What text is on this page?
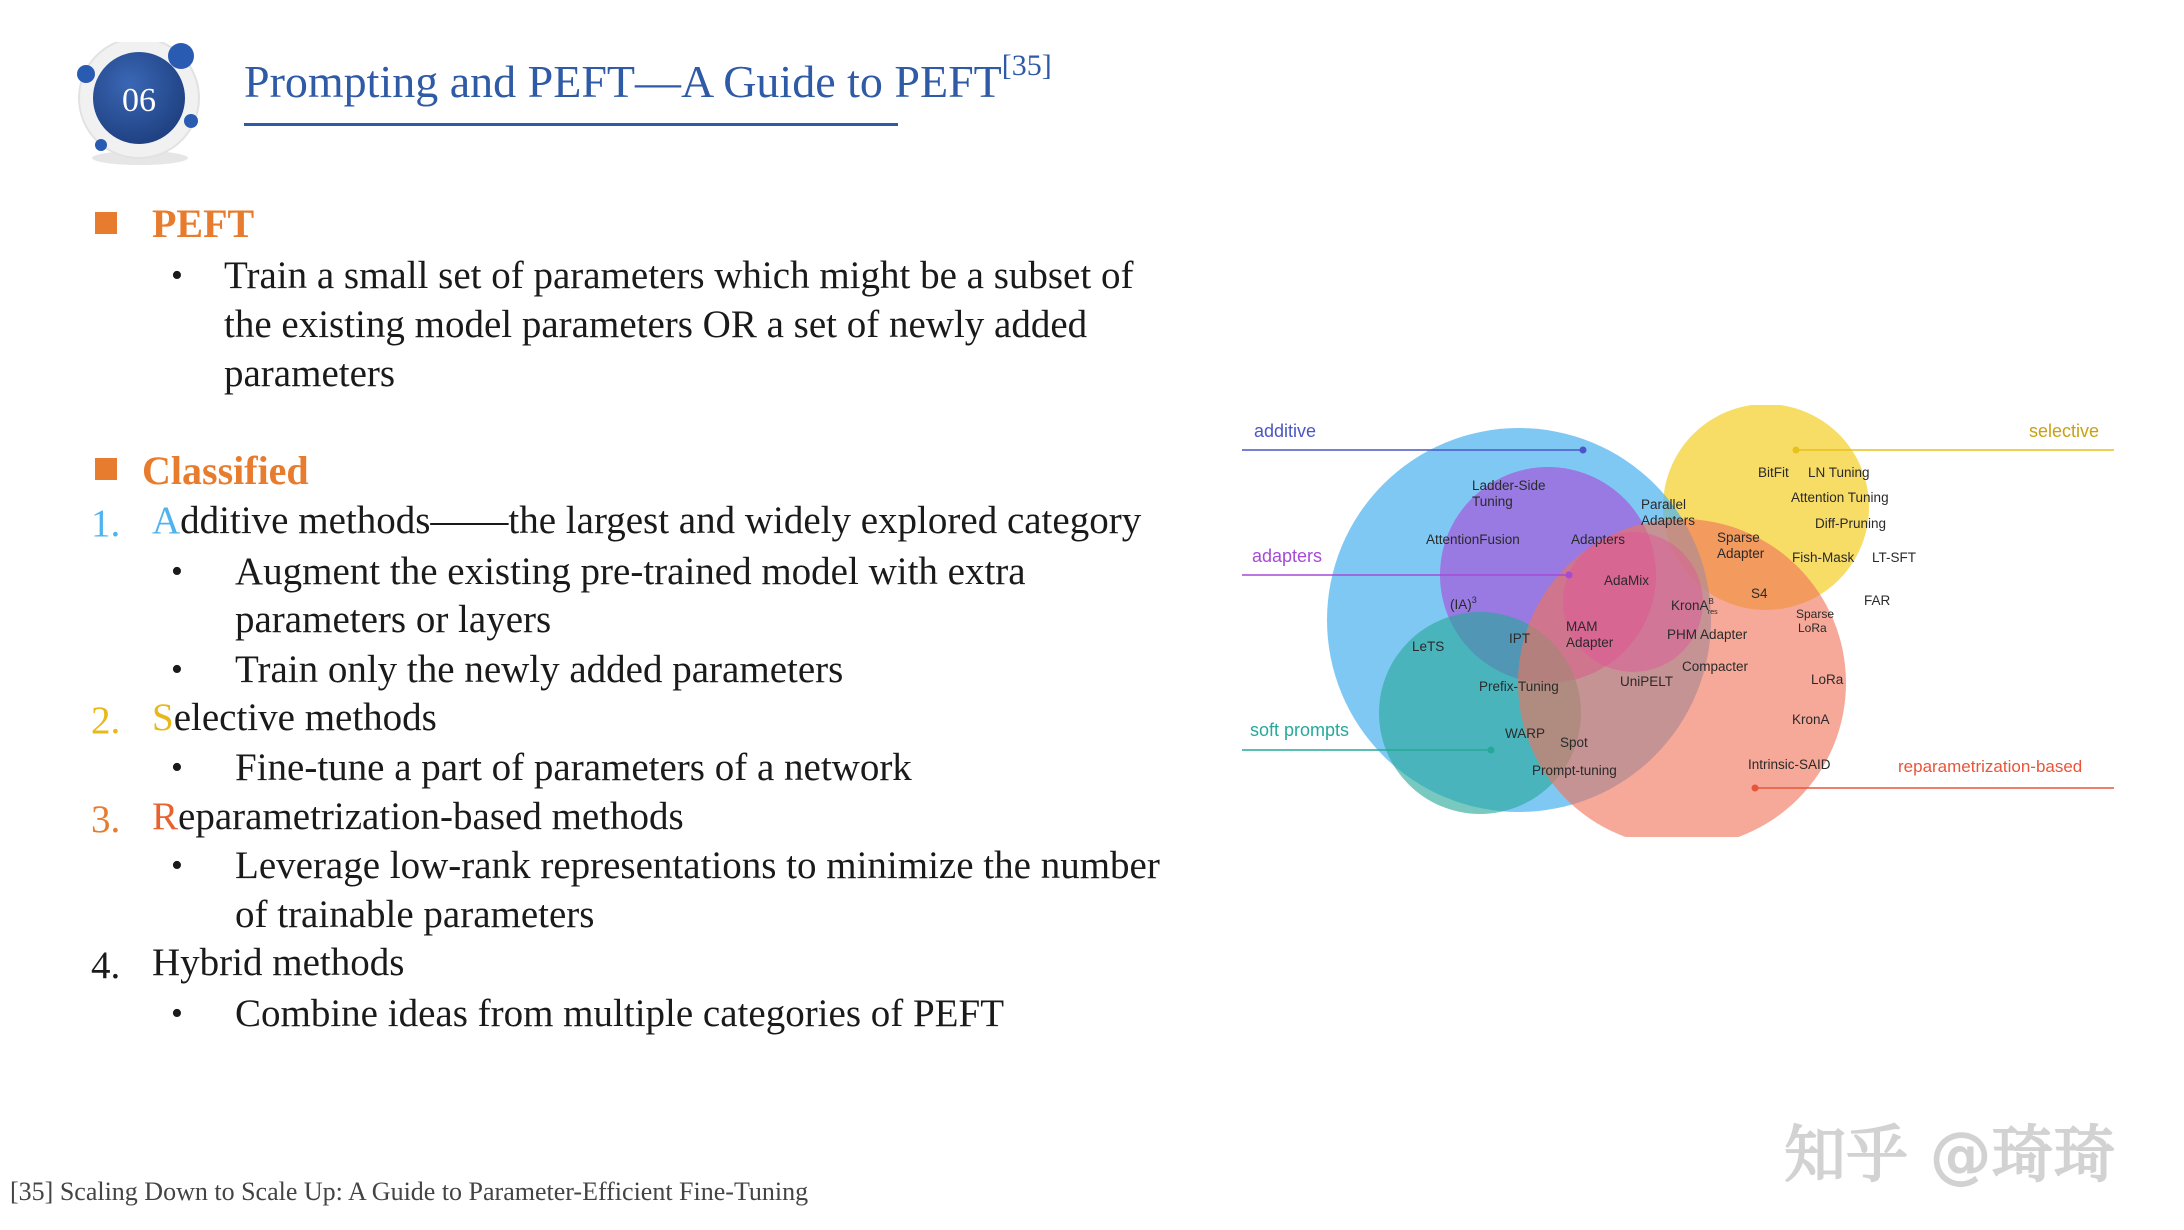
06 Prompting and PEFT—A Guide to PEFT[35]
PEFT
• Train a small set of parameters which might be a subset of
the existing model parameters OR a set of newly added
parameters
Classified
1. Additive methods——the largest and widely explored category
• Augment the existing pre-trained model with extra
parameters or layers
• Train only the newly added parameters
2. Selective methods
• Fine-tune a part of parameters of a network
3. Reparametrization-based methods
• Leverage low-rank representations to minimize the number
of trainable parameters
4. Hybrid methods
• Combine ideas from multiple categories of PEFT
additive	selective
adapters
soft prompts
reparametrization-based
Ladder-Side
Tuning
AttentionFusion	Adapters
Parallel
Adapters
Sparse
Adapter
AdaMix
(IA)$^3$	KronA$^B$ res
S4
MAM
Adapter
IPT
LeTS
PHM Adapter
Compacter
UniPELT
Prefix-Tuning
WARP
Spot
Prompt-tuning
BitFit LN Tuning
Attention Tuning
Diff-Pruning
Fish-Mask LT-SFT
FAR
Sparse
LoRa
LoRa
KronA
Intrinsic-SAID
[35] Scaling Down to Scale Up: A Guide to Parameter-Efficient Fine-Tuning
知乎 @琦琦
